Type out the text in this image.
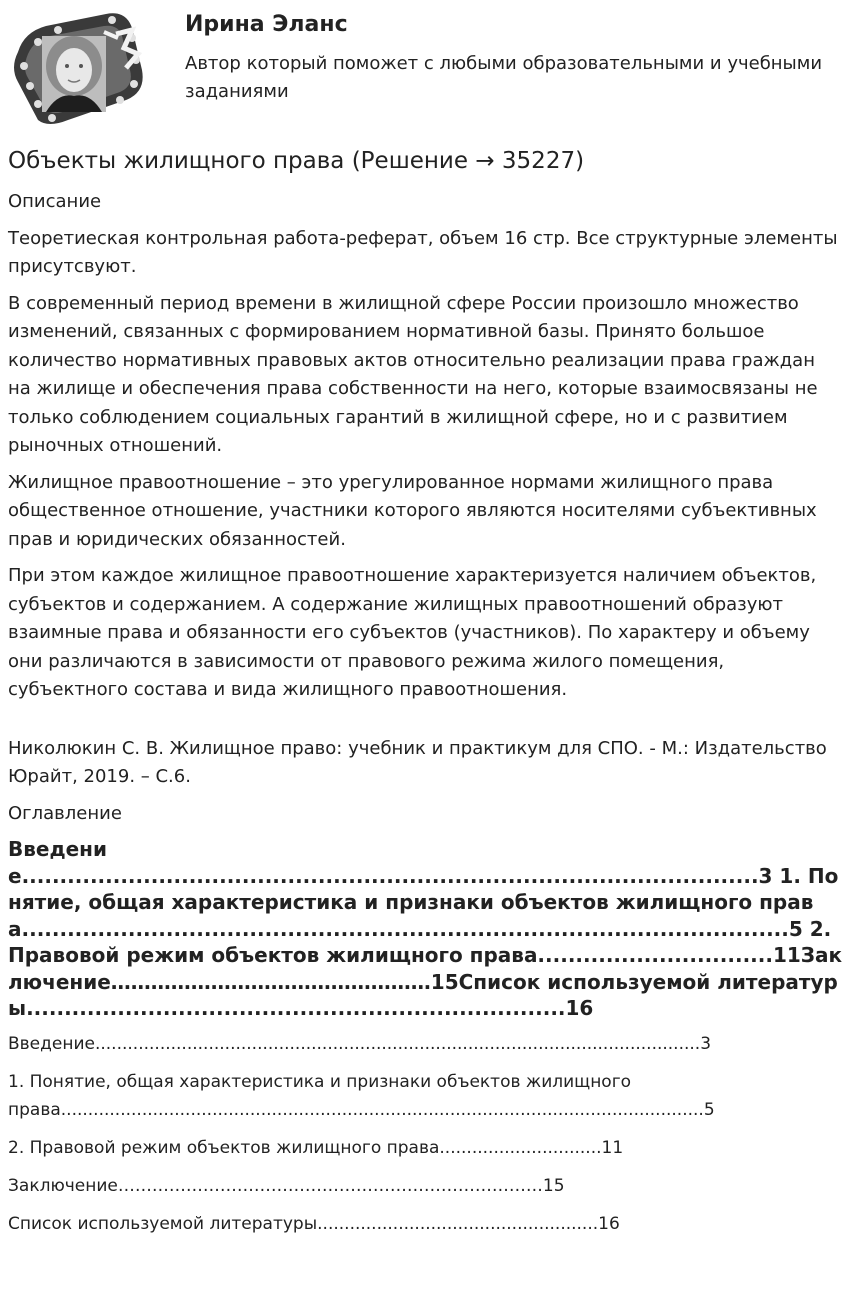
Ирина Эланс
Автор который поможет с любыми образовательными и учебными заданиями
Объекты жилищного права (Решение → 35227)

Описание

Теоретиеская контрольная работа-реферат, объем 16 стр. Все структурные элементы присутсвуют.

В современный период времени в жилищной сфере России произошло множество изменений, связанных с формированием нормативной базы. Принято большое количество нормативных правовых актов относительно реализации права граждан на жилище и обеспечения права собственности на него, которые взаимосвязаны не только соблюдением социальных гарантий в жилищной сфере, но и с развитием рыночных отношений.

Жилищное правоотношение – это урегулированное нормами жилищного права общественное отношение, участники которого являются носителями субъективных прав и юридических обязанностей.

При этом каждое жилищное правоотношение характеризуется наличием объектов, субъектов и содержанием. А содержание жилищных правоотношений образуют взаимные права и обязанности его субъектов (участников). По характеру и объему они различаются в зависимости от правового режима жилого помещения, субъектного состава и вида жилищного правоотношения.

Николюкин С. В. Жилищное право: учебник и практикум для СПО. - М.: Издательство Юрайт, 2019. – С.6.

Оглавление

Введение.................................................................................................3 1. Понятие, общая характеристика и признаки объектов жилищного права.....................................................................................................5 2. Правовой режим объектов жилищного права...............................11Заключение…………………………………………15Список используемой литературы.......................................................................16
Введение................................................................................................................3
1. Понятие, общая характеристика и признаки объектов жилищного права.......................................................................................................................5
2. Правовой режим объектов жилищного права..............................11
Заключение…………………………………………………………………15
Список используемой литературы....................................................16
